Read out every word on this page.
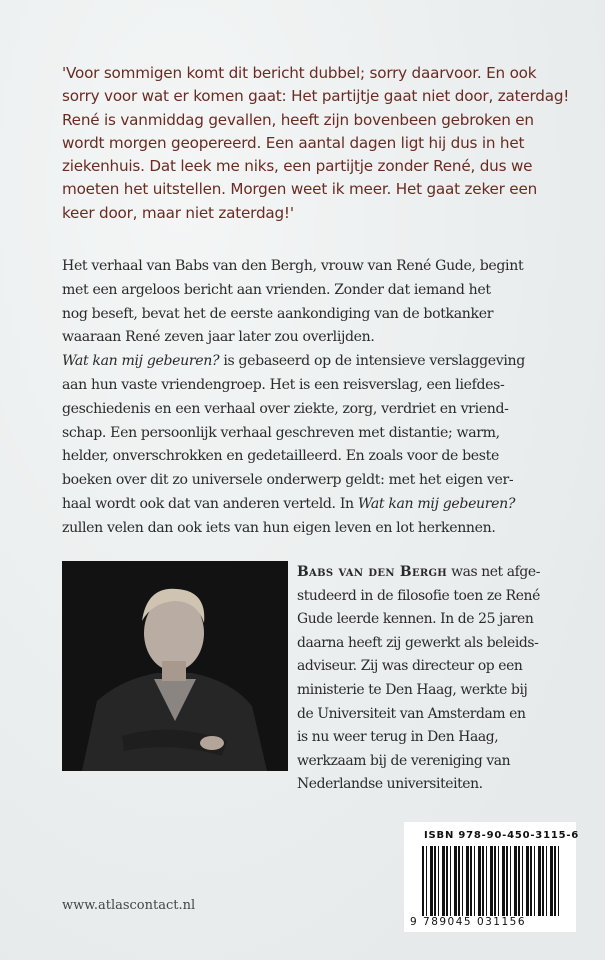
'Voor sommigen komt dit bericht dubbel; sorry daarvoor. En ook
sorry voor wat er komen gaat: Het partijtje gaat niet door, zaterdag!
René is vanmiddag gevallen, heeft zijn bovenbeen gebroken en
wordt morgen geopereerd. Een aantal dagen ligt hij dus in het
ziekenhuis. Dat leek me niks, een partijtje zonder René, dus we
moeten het uitstellen. Morgen weet ik meer. Het gaat zeker een
keer door, maar niet zaterdag!'
Het verhaal van Babs van den Bergh, vrouw van René Gude, begint
met een argeloos bericht aan vrienden. Zonder dat iemand het
nog beseft, bevat het de eerste aankondiging van de botkanker
waaraan René zeven jaar later zou overlijden.
Wat kan mij gebeuren? is gebaseerd op de intensieve verslaggeving
aan hun vaste vriendengroep. Het is een reisverslag, een liefdes-
geschiedenis en een verhaal over ziekte, zorg, verdriet en vriend-
schap. Een persoonlijk verhaal geschreven met distantie; warm,
helder, onverschrokken en gedetailleerd. En zoals voor de beste
boeken over dit zo universele onderwerp geldt: met het eigen ver-
haal wordt ook dat van anderen verteld. In Wat kan mij gebeuren?
zullen velen dan ook iets van hun eigen leven en lot herkennen.
Babs van den Bergh was net afge-
studeerd in de filosofie toen ze René
Gude leerde kennen. In de 25 jaren
daarna heeft zij gewerkt als beleids-
adviseur. Zij was directeur op een
ministerie te Den Haag, werkte bij
de Universiteit van Amsterdam en
is nu weer terug in Den Haag,
werkzaam bij de vereniging van
Nederlandse universiteiten.
www.atlascontact.nl
ISBN 978-90-450-3115-6
9 789045 031156
